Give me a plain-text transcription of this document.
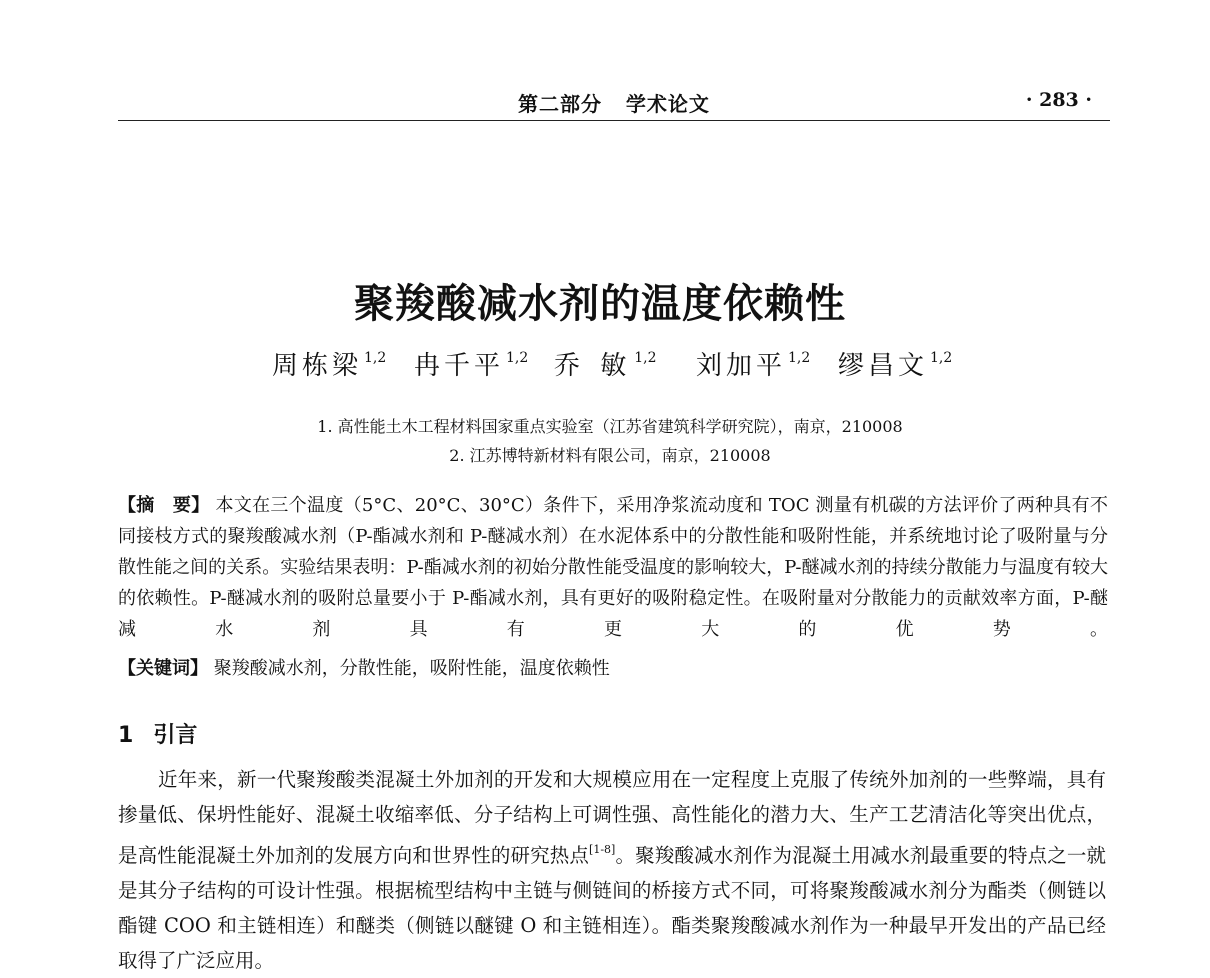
第二部分   学术论文	· 283 ·
聚羧酸减水剂的温度依赖性
周栋梁 $^{1,2}$ 冉千平 $^{1,2}$ 乔 敏 $^{1,2}$ 刘加平 $^{1,2}$ 缪昌文 $^{1,2}$
1. 高性能土木工程材料国家重点实验室（江苏省建筑科学研究院），南京，210008
2. 江苏博特新材料有限公司，南京，210008
【摘　要】 本文在三个温度（5°C、20°C、30°C）条件下，采用净浆流动度和 TOC 测量有机碳的方法评价了两种具有不同接枝方式的聚羧酸减水剂（P-酯减水剂和 P-醚减水剂）在水泥体系中的分散性能和吸附性能，并系统地讨论了吸附量与分散性能之间的关系。实验结果表明：P-酯减水剂的初始分散性能受温度的影响较大，P-醚减水剂的持续分散能力与温度有较大的依赖性。P-醚减水剂的吸附总量要小于 P-酯减水剂，具有更好的吸附稳定性。在吸附量对分散能力的贡献效率方面，P-醚减水剂具有更大的优势。
【关键词】 聚羧酸减水剂，分散性能，吸附性能，温度依赖性
1 引言
近年来，新一代聚羧酸类混凝土外加剂的开发和大规模应用在一定程度上克服了传统外加剂的一些弊端，具有掺量低、保坍性能好、混凝土收缩率低、分子结构上可调性强、高性能化的潜力大、生产工艺清洁化等突出优点，是高性能混凝土外加剂的发展方向和世界性的研究热点[1-8]。聚羧酸减水剂作为混凝土用减水剂最重要的特点之一就是其分子结构的可设计性强。根据梳型结构中主链与侧链间的桥接方式不同，可将聚羧酸减水剂分为酯类（侧链以酯键 COO 和主链相连）和醚类（侧链以醚键 O 和主链相连）。酯类聚羧酸减水剂作为一种最早开发出的产品已经取得了广泛应用。
